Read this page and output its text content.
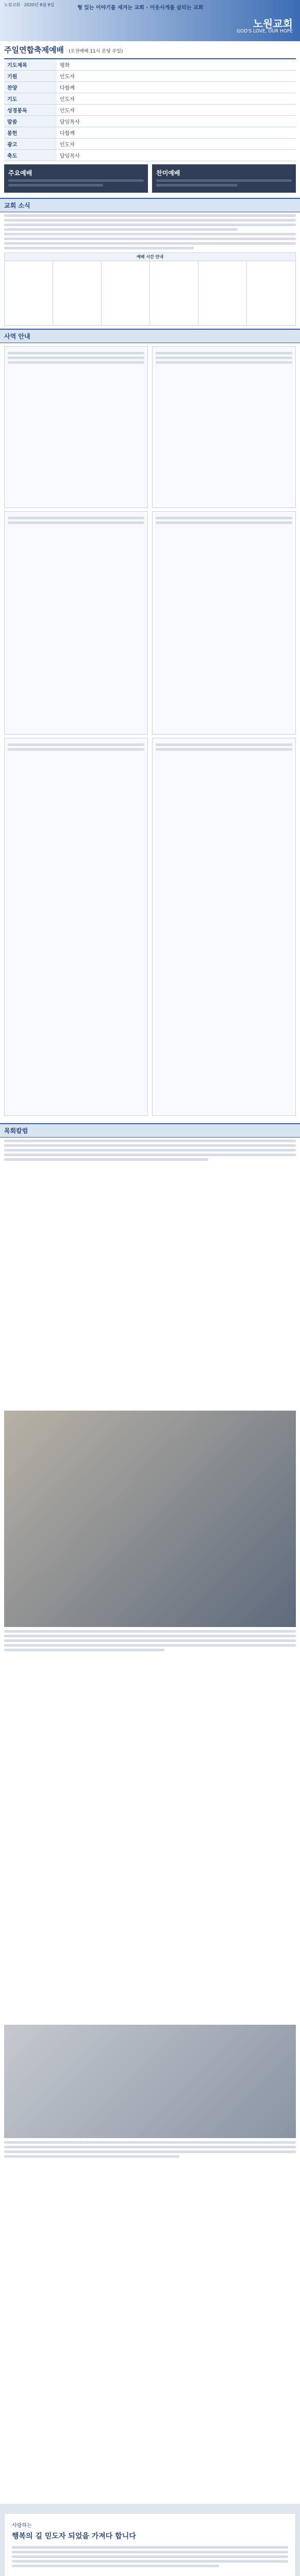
노원교회 · 2020년 8월 9일
형 있는 이야기를 새겨는 교회 · 이웃사게를 살리는 교회
노원교회
GOD'S LOVE, OUR HOPE
주일연합축제예배 (오전예배 11시 본당 주일)
기도제목	평화
기원	인도자
찬양	다함께
기도	인도자
성경봉독	인도자
말씀	담임목사
봉헌	다함께
광고	인도자
축도	담임목사
주요예배	찬미예배
교회 소식
예배 시간 안내

사역 안내
목회칼럼
사랑하는
행복의 길 믿도자 되었을 가져다 합니다
